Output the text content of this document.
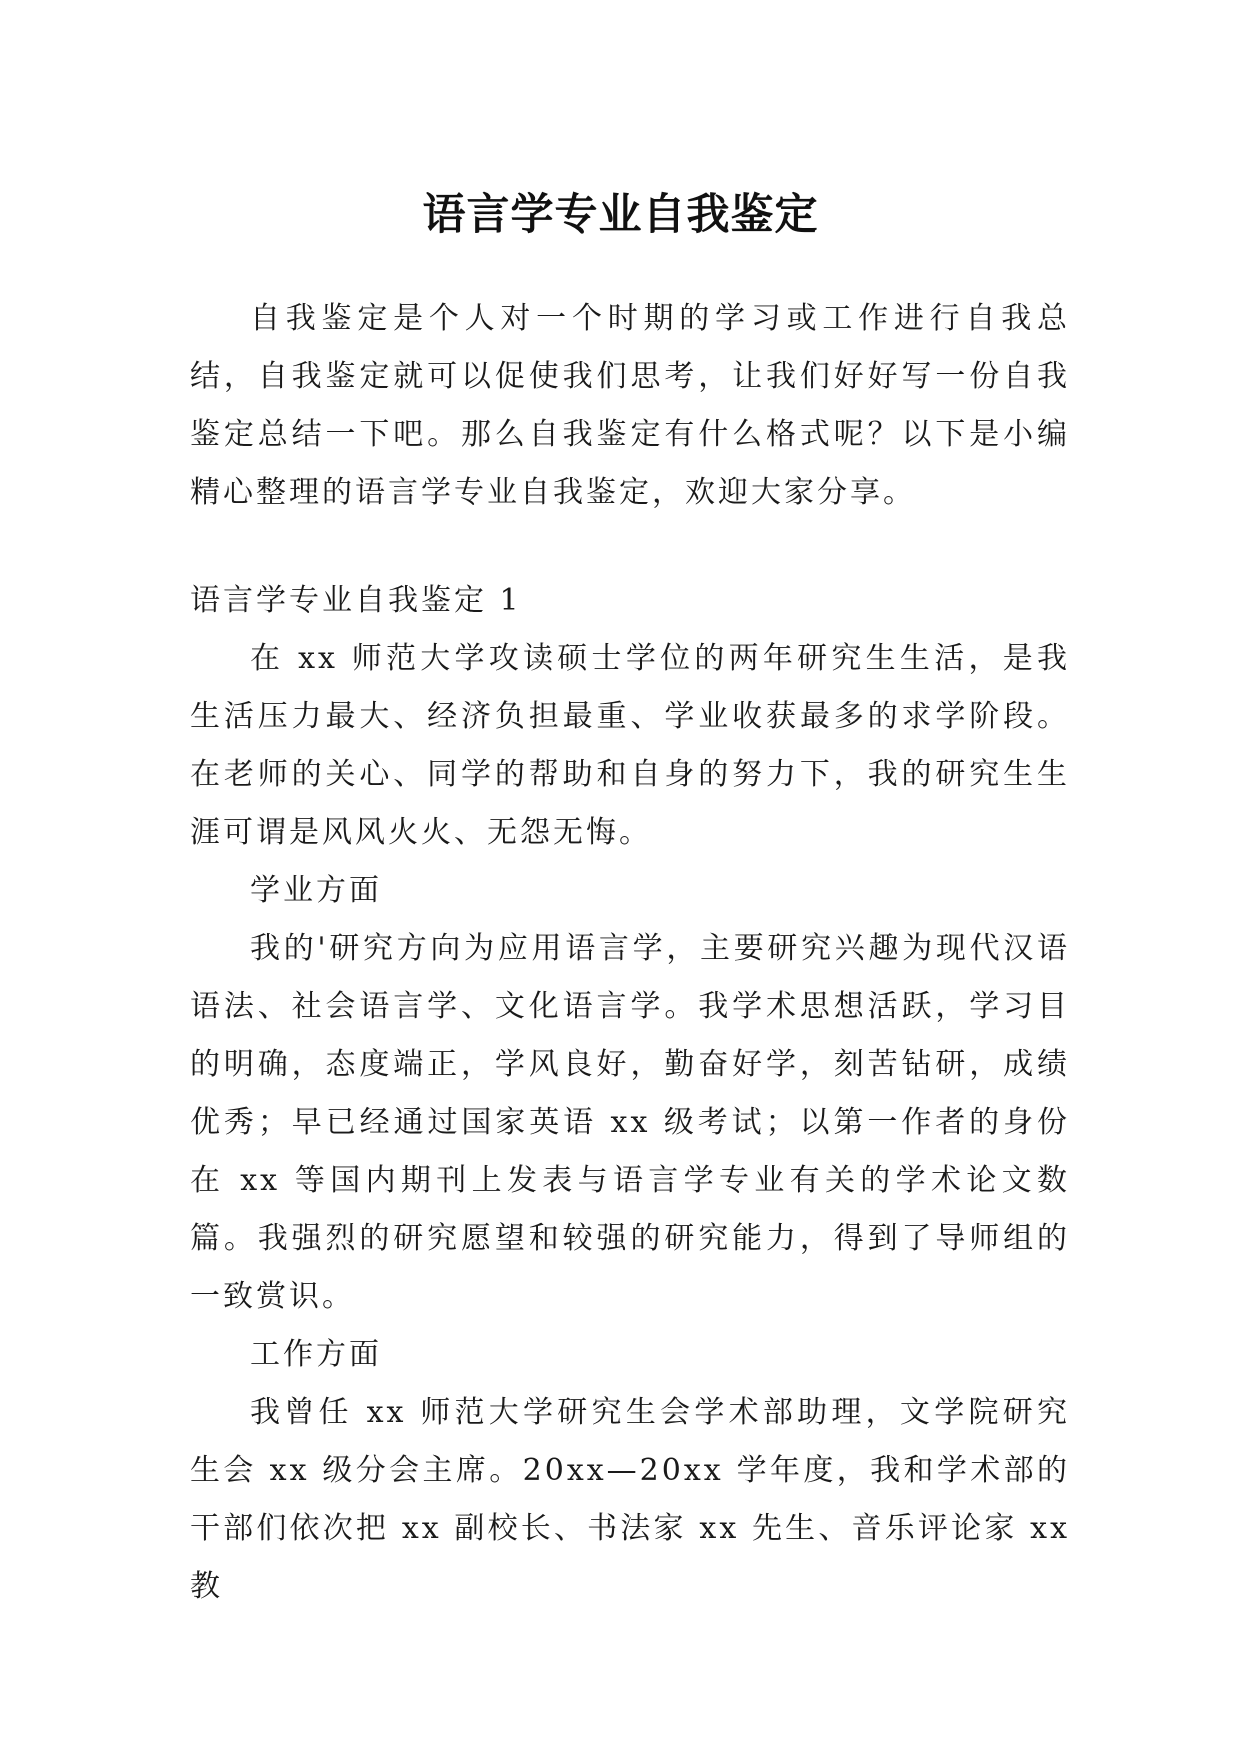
语言学专业自我鉴定

自我鉴定是个人对一个时期的学习或工作进行自我总结，自我鉴定就可以促使我们思考，让我们好好写一份自我鉴定总结一下吧。那么自我鉴定有什么格式呢？以下是小编精心整理的语言学专业自我鉴定，欢迎大家分享。

语言学专业自我鉴定 1

在 xx 师范大学攻读硕士学位的两年研究生生活，是我生活压力最大、经济负担最重、学业收获最多的求学阶段。在老师的关心、同学的帮助和自身的努力下，我的研究生生涯可谓是风风火火、无怨无悔。

学业方面

我的'研究方向为应用语言学，主要研究兴趣为现代汉语语法、社会语言学、文化语言学。我学术思想活跃，学习目的明确，态度端正，学风良好，勤奋好学，刻苦钻研，成绩优秀；早已经通过国家英语 xx 级考试；以第一作者的身份在 xx 等国内期刊上发表与语言学专业有关的学术论文数篇。我强烈的研究愿望和较强的研究能力，得到了导师组的一致赏识。

工作方面

我曾任 xx 师范大学研究生会学术部助理，文学院研究生会 xx 级分会主席。20xx—20xx 学年度，我和学术部的干部们依次把 xx 副校长、书法家 xx 先生、音乐评论家 xx 教
